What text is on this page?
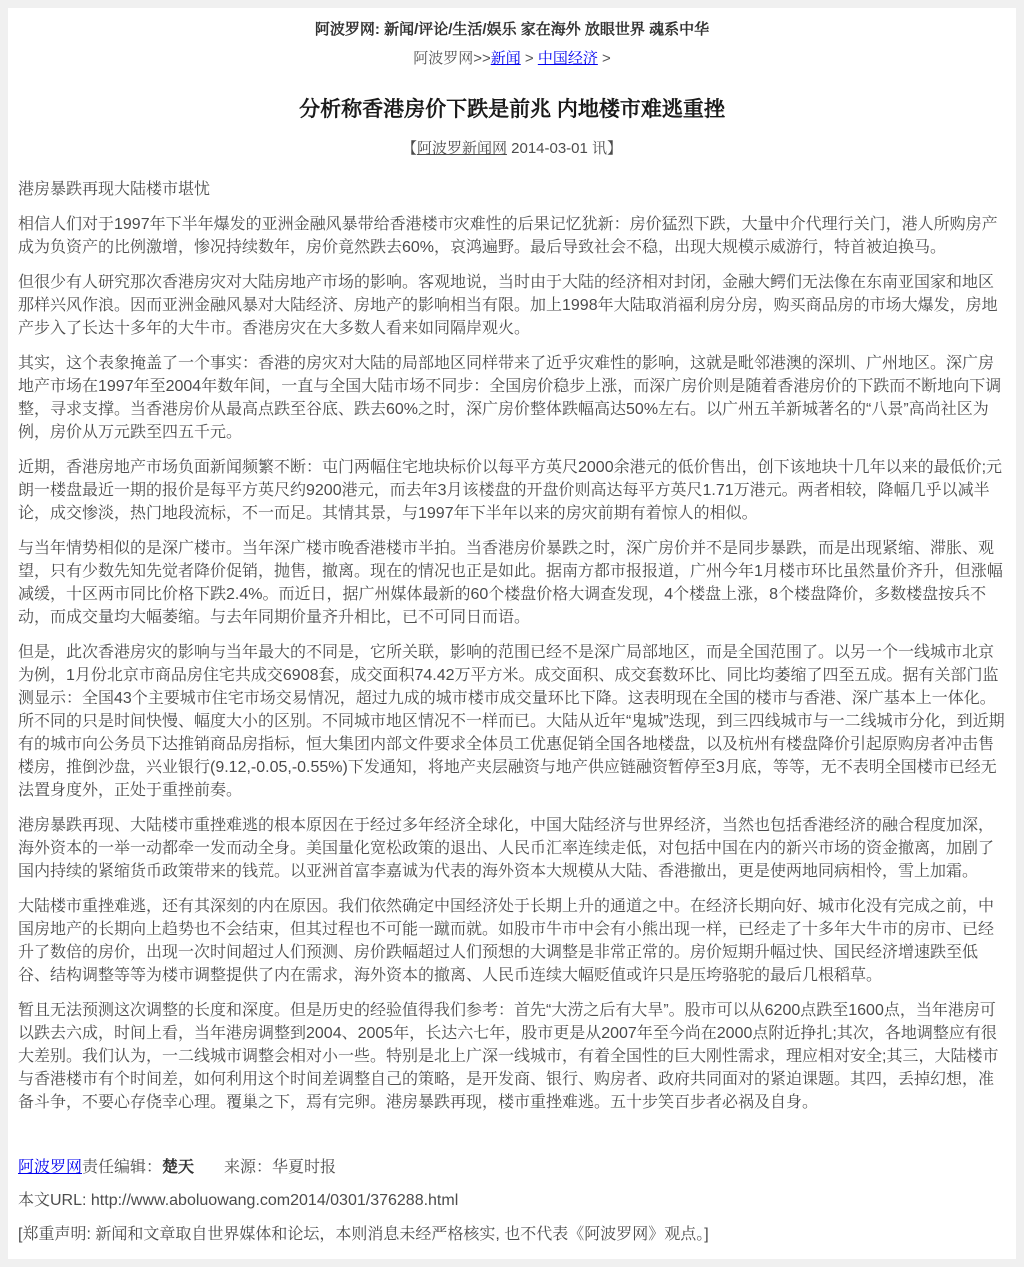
阿波罗网: 新闻/评论/生活/娱乐 家在海外 放眼世界 魂系中华
阿波罗网>>新闻 > 中国经济 >
分析称香港房价下跌是前兆 内地楼市难逃重挫
【阿波罗新闻网 2014-03-01 讯】

港房暴跌再现大陆楼市堪忧

相信人们对于1997年下半年爆发的亚洲金融风暴带给香港楼市灾难性的后果记忆犹新：房价猛烈下跌，大量中介代理行关门，港人所购房产成为负资产的比例激增，惨况持续数年，房价竟然跌去60%，哀鸿遍野。最后导致社会不稳，出现大规模示威游行，特首被迫换马。

但很少有人研究那次香港房灾对大陆房地产市场的影响。客观地说，当时由于大陆的经济相对封闭，金融大鳄们无法像在东南亚国家和地区那样兴风作浪。因而亚洲金融风暴对大陆经济、房地产的影响相当有限。加上1998年大陆取消福利房分房，购买商品房的市场大爆发，房地产步入了长达十多年的大牛市。香港房灾在大多数人看来如同隔岸观火。

其实，这个表象掩盖了一个事实：香港的房灾对大陆的局部地区同样带来了近乎灾难性的影响，这就是毗邻港澳的深圳、广州地区。深广房地产市场在1997年至2004年数年间，一直与全国大陆市场不同步：全国房价稳步上涨，而深广房价则是随着香港房价的下跌而不断地向下调整，寻求支撑。当香港房价从最高点跌至谷底、跌去60%之时，深广房价整体跌幅高达50%左右。以广州五羊新城著名的“八景”高尚社区为例，房价从万元跌至四五千元。

近期，香港房地产市场负面新闻频繁不断：屯门两幅住宅地块标价以每平方英尺2000余港元的低价售出，创下该地块十几年以来的最低价;元朗一楼盘最近一期的报价是每平方英尺约9200港元，而去年3月该楼盘的开盘价则高达每平方英尺1.71万港元。两者相较，降幅几乎以减半论，成交惨淡，热门地段流标，不一而足。其情其景，与1997年下半年以来的房灾前期有着惊人的相似。

与当年情势相似的是深广楼市。当年深广楼市晚香港楼市半拍。当香港房价暴跌之时，深广房价并不是同步暴跌，而是出现紧缩、滞胀、观望，只有少数先知先觉者降价促销，抛售，撤离。现在的情况也正是如此。据南方都市报报道，广州今年1月楼市环比虽然量价齐升，但涨幅减缓，十区两市同比价格下跌2.4%。而近日，据广州媒体最新的60个楼盘价格大调查发现，4个楼盘上涨，8个楼盘降价，多数楼盘按兵不动，而成交量均大幅萎缩。与去年同期价量齐升相比，已不可同日而语。

但是，此次香港房灾的影响与当年最大的不同是，它所关联，影响的范围已经不是深广局部地区，而是全国范围了。以另一个一线城市北京为例，1月份北京市商品房住宅共成交6908套，成交面积74.42万平方米。成交面积、成交套数环比、同比均萎缩了四至五成。据有关部门监测显示：全国43个主要城市住宅市场交易情况，超过九成的城市楼市成交量环比下降。这表明现在全国的楼市与香港、深广基本上一体化。所不同的只是时间快慢、幅度大小的区别。不同城市地区情况不一样而已。大陆从近年“鬼城”迭现，到三四线城市与一二线城市分化，到近期有的城市向公务员下达推销商品房指标，恒大集团内部文件要求全体员工优惠促销全国各地楼盘，以及杭州有楼盘降价引起原购房者冲击售楼房，推倒沙盘，兴业银行(9.12,-0.05,-0.55%)下发通知，将地产夹层融资与地产供应链融资暂停至3月底，等等，无不表明全国楼市已经无法置身度外，正处于重挫前奏。

港房暴跌再现、大陆楼市重挫难逃的根本原因在于经过多年经济全球化，中国大陆经济与世界经济，当然也包括香港经济的融合程度加深，海外资本的一举一动都牵一发而动全身。美国量化宽松政策的退出、人民币汇率连续走低，对包括中国在内的新兴市场的资金撤离，加剧了国内持续的紧缩货币政策带来的钱荒。以亚洲首富李嘉诚为代表的海外资本大规模从大陆、香港撤出，更是使两地同病相怜，雪上加霜。

大陆楼市重挫难逃，还有其深刻的内在原因。我们依然确定中国经济处于长期上升的通道之中。在经济长期向好、城市化没有完成之前，中国房地产的长期向上趋势也不会结束，但其过程也不可能一蹴而就。如股市牛市中会有小熊出现一样，已经走了十多年大牛市的房市、已经升了数倍的房价，出现一次时间超过人们预测、房价跌幅超过人们预想的大调整是非常正常的。房价短期升幅过快、国民经济增速跌至低谷、结构调整等等为楼市调整提供了内在需求，海外资本的撤离、人民币连续大幅贬值或许只是压垮骆驼的最后几根稻草。

暂且无法预测这次调整的长度和深度。但是历史的经验值得我们参考：首先“大涝之后有大旱”。股市可以从6200点跌至1600点，当年港房可以跌去六成，时间上看，当年港房调整到2004、2005年，长达六七年，股市更是从2007年至今尚在2000点附近挣扎;其次，各地调整应有很大差别。我们认为，一二线城市调整会相对小一些。特别是北上广深一线城市，有着全国性的巨大刚性需求，理应相对安全;其三，大陆楼市与香港楼市有个时间差，如何利用这个时间差调整自己的策略，是开发商、银行、购房者、政府共同面对的紧迫课题。其四，丢掉幻想，准备斗争，不要心存侥幸心理。覆巢之下，焉有完卵。港房暴跌再现，楼市重挫难逃。五十步笑百步者必祸及自身。

阿波罗网责任编辑：楚天 来源：华夏时报
本文URL: http://www.aboluowang.com2014/0301/376288.html
[郑重声明: 新闻和文章取自世界媒体和论坛，本则消息未经严格核实, 也不代表《阿波罗网》观点。]
